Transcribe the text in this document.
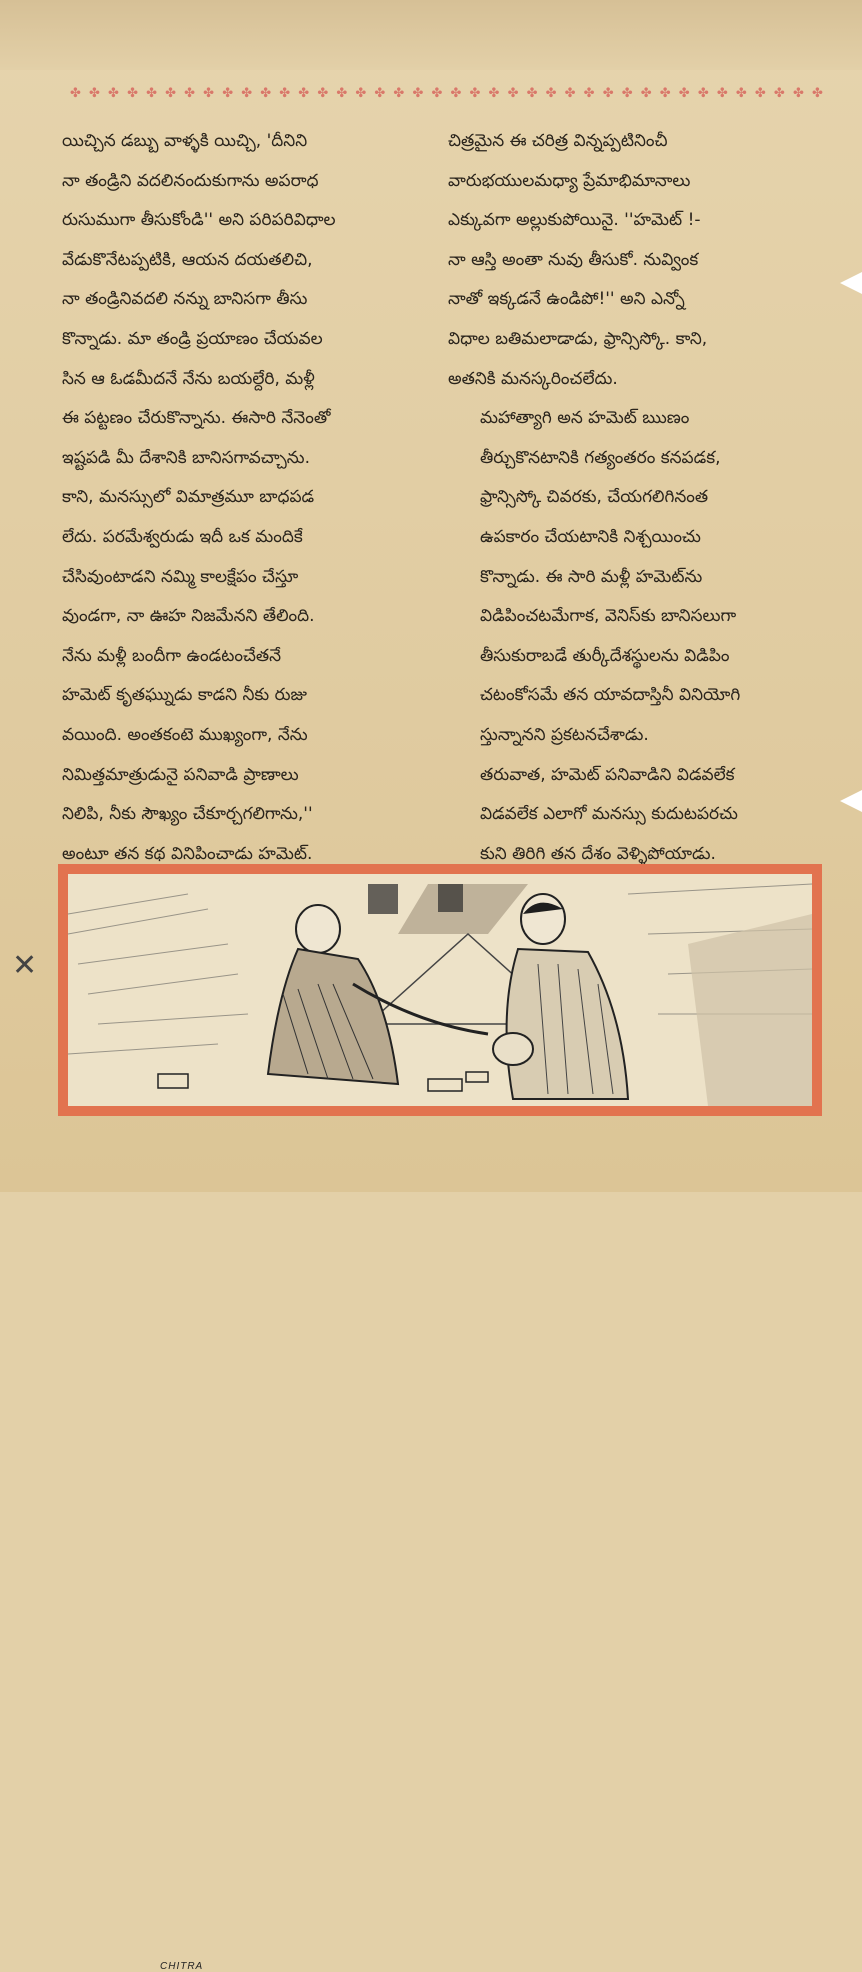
✤ ✤ ✤ ✤ ✤ ✤ ✤ ✤ ✤ ✤ ✤ ✤ ✤ ✤ ✤ ✤ ✤ ✤ ✤ ✤ ✤ ✤ ✤ ✤ ✤ ✤ ✤ ✤ ✤ ✤ ✤ ✤ ✤ ✤ ✤ ✤ ✤ ✤ ✤ ✤
యిచ్చిన డబ్బు వాళ్ళకి యిచ్చి, 'దీనిని
నా తండ్రిని వదలినందుకుగాను అపరాధ
రుసుముగా తీసుకోండి'' అని పరిపరివిధాల
వేడుకొనేటప్పటికి, ఆయన దయతలిచి,
నా తండ్రినివదలి నన్ను బానిసగా తీసు
కొన్నాడు. మా తండ్రి ప్రయాణం చేయవల
సిన ఆ ఓడమీదనే నేను బయల్దేరి, మళ్లీ
ఈ పట్టణం చేరుకొన్నాను. ఈసారి నేనెంతో
ఇష్టపడి మీ దేశానికి బానిసగావచ్చాను.
కాని, మనస్సులో విమాత్రమూ బాధపడ
లేదు. పరమేశ్వరుడు ఇదీ ఒక మందికే
చేసివుంటాడని నమ్మి కాలక్షేపం చేస్తూ
వుండగా, నా ఊహ నిజమేనని తేలింది.
నేను మళ్లీ బందీగా ఉండటంచేతనే
హమెట్ కృతఘ్నుడు కాడని నీకు రుజు
వయింది. అంతకంటె ముఖ్యంగా, నేను
నిమిత్తమాత్రుడునై పనివాడి ప్రాణాలు
నిలిపి, నీకు సౌఖ్యం చేకూర్చగలిగాను,''
అంటూ తన కథ వినిపించాడు హమెట్.
చిత్రమైన ఈ చరిత్ర విన్నప్పటినించీ
వారుభయులమధ్యా ప్రేమాభిమానాలు
ఎక్కువగా అల్లుకుపోయినై. ''హమెట్ !-
నా ఆస్తి అంతా నువు తీసుకో. నువ్వింక
నాతో ఇక్కడనే ఉండిపో!'' అని ఎన్నో
విధాల బతిమలాడాడు, ఫ్రాన్సిస్కో. కాని,
అతనికి మనస్కరించలేదు.
మహాత్యాగి అన హమెట్ ఋణం
తీర్చుకొనటానికి గత్యంతరం కనపడక,
ఫ్రాన్సిస్కో చివరకు, చేయగలిగినంత
ఉపకారం చేయటానికి నిశ్చయించు
కొన్నాడు. ఈ సారి మళ్లీ హమెట్‌ను
విడిపించటమేగాక, వెనిస్‌కు బానిసలుగా
తీసుకురాబడే తుర్కీదేశస్థులను విడిపిం
చటంకోసమే తన యావదాస్తినీ వినియోగి
స్తున్నానని ప్రకటనచేశాడు.
తరువాత, హమెట్ పనివాడిని విడవలేక
విడవలేక ఎలాగో మనస్సు కుదుటపరచు
కుని తిరిగి తన దేశం వెళ్ళిపోయాడు.
CHITRA
✕
